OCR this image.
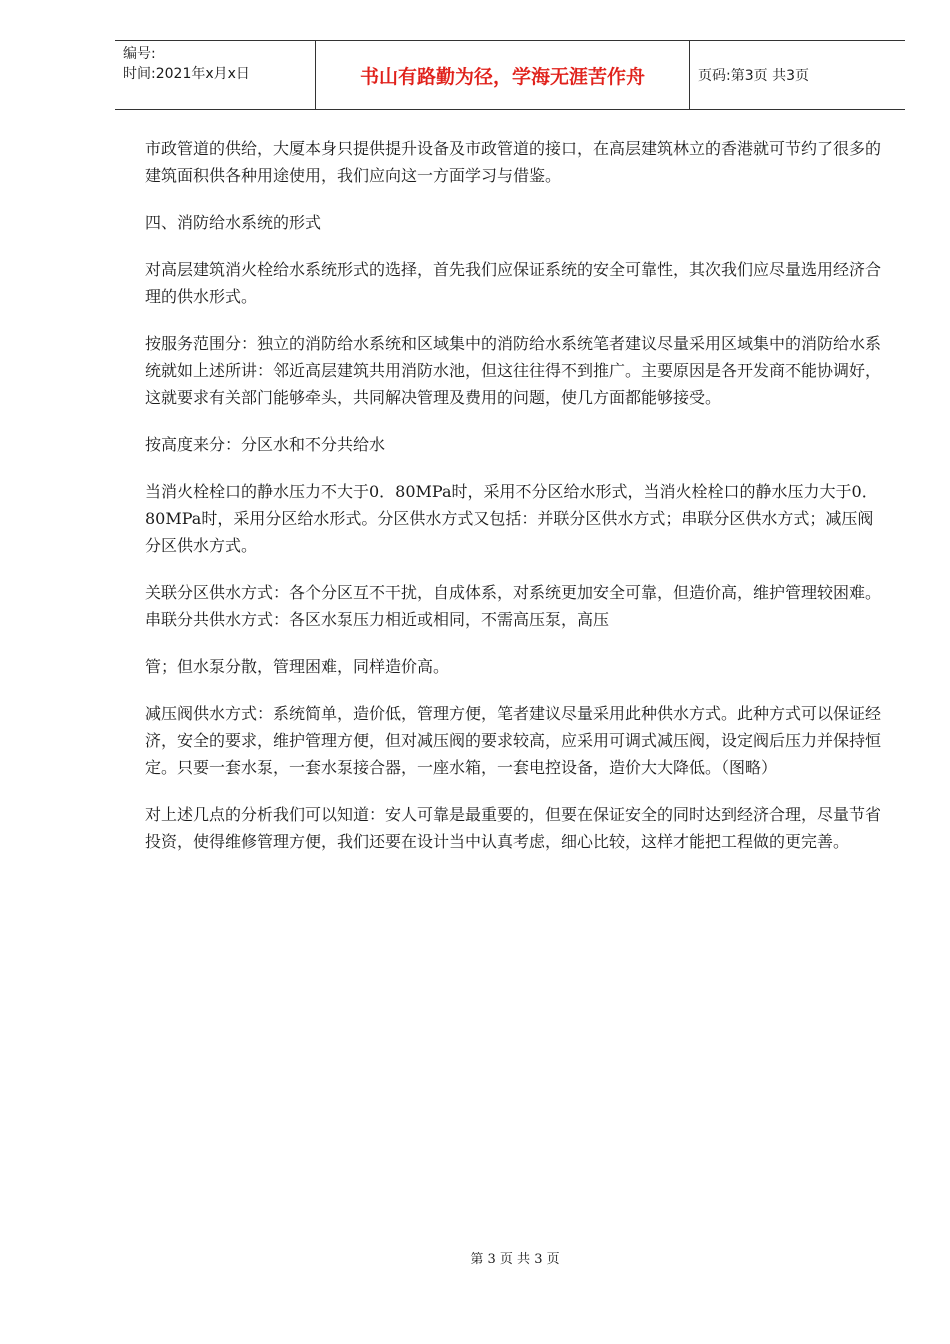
编号:
时间:2021年x月x日	书山有路勤为径，学海无涯苦作舟	页码:第3页 共3页

市政管道的供给，大厦本身只提供提升设备及市政管道的接口，在高层建筑林立的香港就可节约了很多的建筑面积供各种用途使用，我们应向这一方面学习与借鉴。

四、消防给水系统的形式

对高层建筑消火栓给水系统形式的选择，首先我们应保证系统的安全可靠性，其次我们应尽量选用经济合理的供水形式。

按服务范围分：独立的消防给水系统和区域集中的消防给水系统笔者建议尽量采用区域集中的消防给水系统就如上述所讲：邻近高层建筑共用消防水池，但这往往得不到推广。主要原因是各开发商不能协调好，这就要求有关部门能够牵头，共同解决管理及费用的问题，使几方面都能够接受。

按高度来分：分区水和不分共给水

当消火栓栓口的静水压力不大于0．80MPa时，采用不分区给水形式，当消火栓栓口的静水压力大于0．80MPa时，采用分区给水形式。分区供水方式又包括：并联分区供水方式；串联分区供水方式；减压阀分区供水方式。

关联分区供水方式：各个分区互不干扰，自成体系，对系统更加安全可靠，但造价高，维护管理较困难。

串联分共供水方式：各区水泵压力相近或相同，不需高压泵，高压

管；但水泵分散，管理困难，同样造价高。

减压阀供水方式：系统简单，造价低，管理方便，笔者建议尽量采用此种供水方式。此种方式可以保证经济，安全的要求，维护管理方便，但对减压阀的要求较高，应采用可调式减压阀，设定阀后压力并保持恒定。只要一套水泵，一套水泵接合器，一座水箱，一套电控设备，造价大大降低。（图略）

对上述几点的分析我们可以知道：安人可靠是最重要的，但要在保证安全的同时达到经济合理，尽量节省投资，使得维修管理方便，我们还要在设计当中认真考虑，细心比较，这样才能把工程做的更完善。

第 3 页 共 3 页
